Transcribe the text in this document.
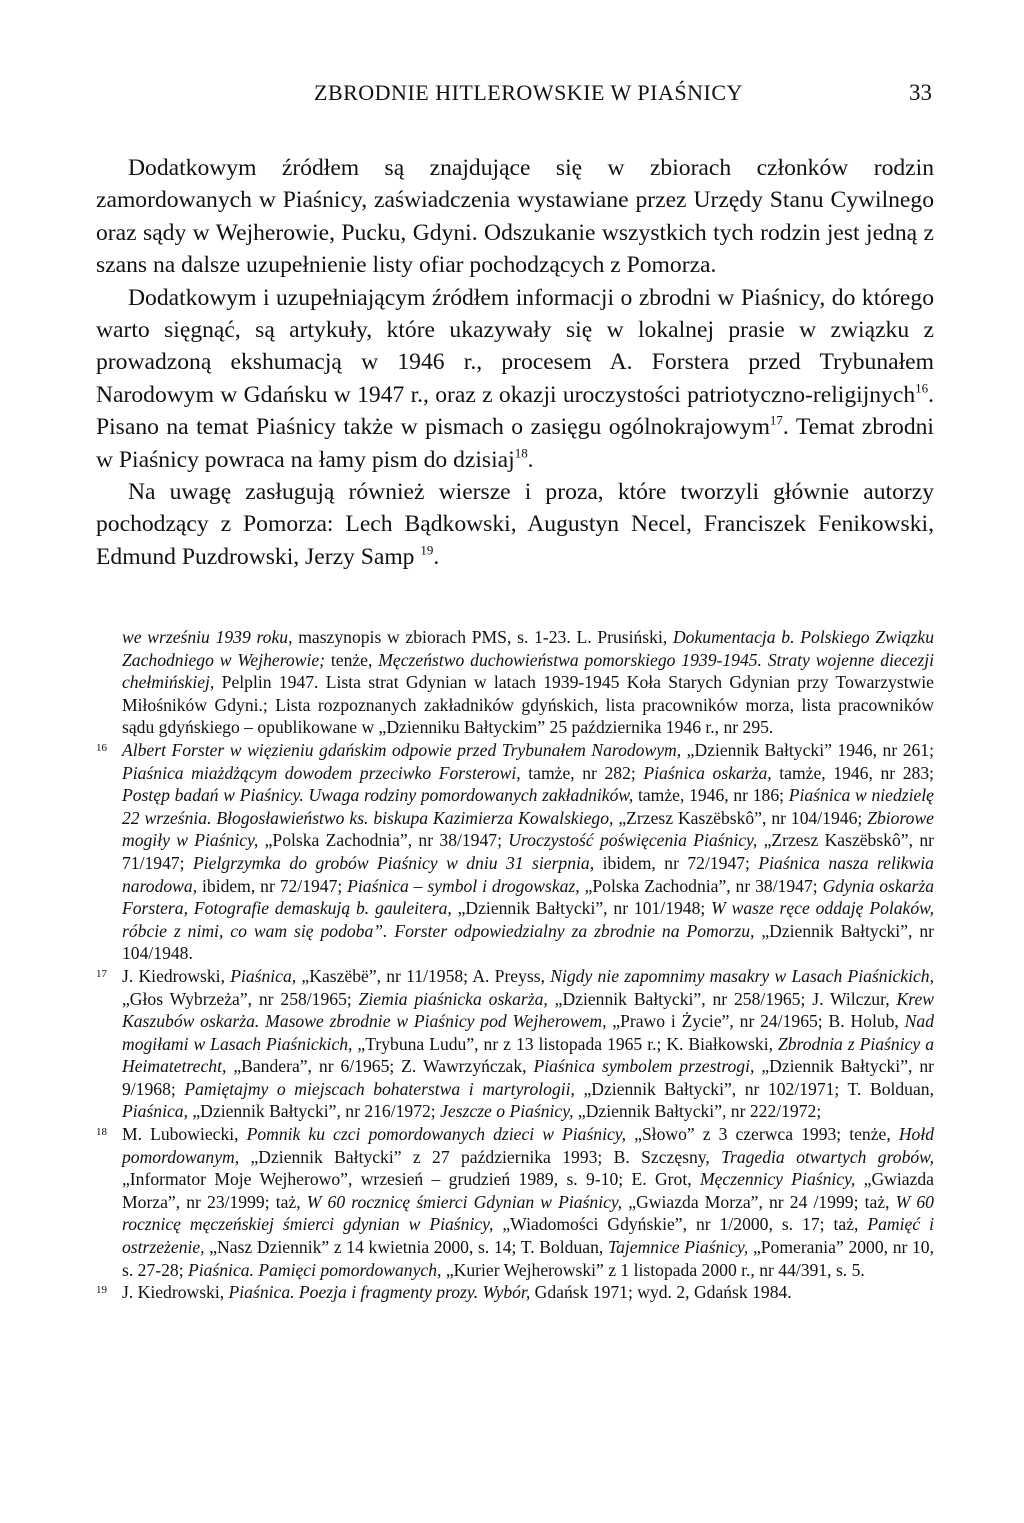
ZBRODNIE HITLEROWSKIE W PIAŚNICY	33

Dodatkowym źródłem są znajdujące się w zbiorach członków rodzin zamordowanych w Piaśnicy, zaświadczenia wystawiane przez Urzędy Stanu Cywilnego oraz sądy w Wejherowie, Pucku, Gdyni. Odszukanie wszystkich tych rodzin jest jedną z szans na dalsze uzupełnienie listy ofiar pochodzących z Pomorza.

Dodatkowym i uzupełniającym źródłem informacji o zbrodni w Piaśnicy, do którego warto sięgnąć, są artykuły, które ukazywały się w lokalnej prasie w związku z prowadzoną ekshumacją w 1946 r., procesem A. Forstera przed Trybunałem Narodowym w Gdańsku w 1947 r., oraz z okazji uroczystości patriotyczno-religijnych$^{16}$. Pisano na temat Piaśnicy także w pismach o zasięgu ogólnokrajowym$^{17}$. Temat zbrodni w Piaśnicy powraca na łamy pism do dzisiaj$^{18}$.

Na uwagę zasługują również wiersze i proza, które tworzyli głównie autorzy pochodzący z Pomorza: Lech Bądkowski, Augustyn Necel, Franciszek Fenikowski, Edmund Puzdrowski, Jerzy Samp $^{19}$.

we wrześniu 1939 roku, maszynopis w zbiorach PMS, s. 1-23. L. Prusiński, Dokumentacja b. Polskiego Związku Zachodniego w Wejherowie; tenże, Męczeństwo duchowieństwa pomorskiego 1939-1945. Straty wojenne diecezji chełmińskiej, Pelplin 1947. Lista strat Gdynian w latach 1939-1945 Koła Starych Gdynian przy Towarzystwie Miłośników Gdyni.; Lista rozpoznanych zakładników gdyńskich, lista pracowników morza, lista pracowników sądu gdyńskiego – opublikowane w „Dzienniku Bałtyckim” 25 października 1946 r., nr 295.
16 Albert Forster w więzieniu gdańskim odpowie przed Trybunałem Narodowym, „Dziennik Bałtycki” 1946, nr 261; Piaśnica miażdżącym dowodem przeciwko Forsterowi, tamże, nr 282; Piaśnica oskarża, tamże, 1946, nr 283; Postęp badań w Piaśnicy. Uwaga rodziny pomordowanych zakładników, tamże, 1946, nr 186; Piaśnica w niedzielę 22 września. Błogosławieństwo ks. biskupa Kazimierza Kowalskiego, „Zrzesz Kaszëbskô”, nr 104/1946; Zbiorowe mogiły w Piaśnicy, „Polska Zachodnia”, nr 38/1947; Uroczystość poświęcenia Piaśnicy, „Zrzesz Kaszëbskô”, nr 71/1947; Pielgrzymka do grobów Piaśnicy w dniu 31 sierpnia, ibidem, nr 72/1947; Piaśnica nasza relikwia narodowa, ibidem, nr 72/1947; Piaśnica – symbol i drogowskaz, „Polska Zachodnia”, nr 38/1947; Gdynia oskarża Forstera, Fotografie demaskują b. gauleitera, „Dziennik Bałtycki”, nr 101/1948; W wasze ręce oddaję Polaków, róbcie z nimi, co wam się podoba”. Forster odpowiedzialny za zbrodnie na Pomorzu, „Dziennik Bałtycki”, nr 104/1948.
17 J. Kiedrowski, Piaśnica, „Kaszëbë”, nr 11/1958; A. Preyss, Nigdy nie zapomnimy masakry w Lasach Piaśnickich, „Głos Wybrzeża”, nr 258/1965; Ziemia piaśnicka oskarża, „Dziennik Bałtycki”, nr 258/1965; J. Wilczur, Krew Kaszubów oskarża. Masowe zbrodnie w Piaśnicy pod Wejherowem, „Prawo i Życie”, nr 24/1965; B. Holub, Nad mogiłami w Lasach Piaśnickich, „Trybuna Ludu”, nr z 13 listopada 1965 r.; K. Białkowski, Zbrodnia z Piaśnicy a Heimatetrecht, „Bandera”, nr 6/1965; Z. Wawrzyńczak, Piaśnica symbolem przestrogi, „Dziennik Bałtycki”, nr 9/1968; Pamiętajmy o miejscach bohaterstwa i martyrologii, „Dziennik Bałtycki”, nr 102/1971; T. Bolduan, Piaśnica, „Dziennik Bałtycki”, nr 216/1972; Jeszcze o Piaśnicy, „Dziennik Bałtycki”, nr 222/1972;
18 M. Lubowiecki, Pomnik ku czci pomordowanych dzieci w Piaśnicy, „Słowo” z 3 czerwca 1993; tenże, Hołd pomordowanym, „Dziennik Bałtycki” z 27 października 1993; B. Szczęsny, Tragedia otwartych grobów, „Informator Moje Wejherowo”, wrzesień – grudzień 1989, s. 9-10; E. Grot, Męczennicy Piaśnicy, „Gwiazda Morza”, nr 23/1999; taż, W 60 rocznicę śmierci Gdynian w Piaśnicy, „Gwiazda Morza”, nr 24 /1999; taż, W 60 rocznicę męczeńskiej śmierci gdynian w Piaśnicy, „Wiadomości Gdyńskie”, nr 1/2000, s. 17; taż, Pamięć i ostrzeżenie, „Nasz Dziennik” z 14 kwietnia 2000, s. 14; T. Bolduan, Tajemnice Piaśnicy, „Pomerania” 2000, nr 10, s. 27-28; Piaśnica. Pamięci pomordowanych, „Kurier Wejherowski” z 1 listopada 2000 r., nr 44/391, s. 5.
19 J. Kiedrowski, Piaśnica. Poezja i fragmenty prozy. Wybór, Gdańsk 1971; wyd. 2, Gdańsk 1984.
